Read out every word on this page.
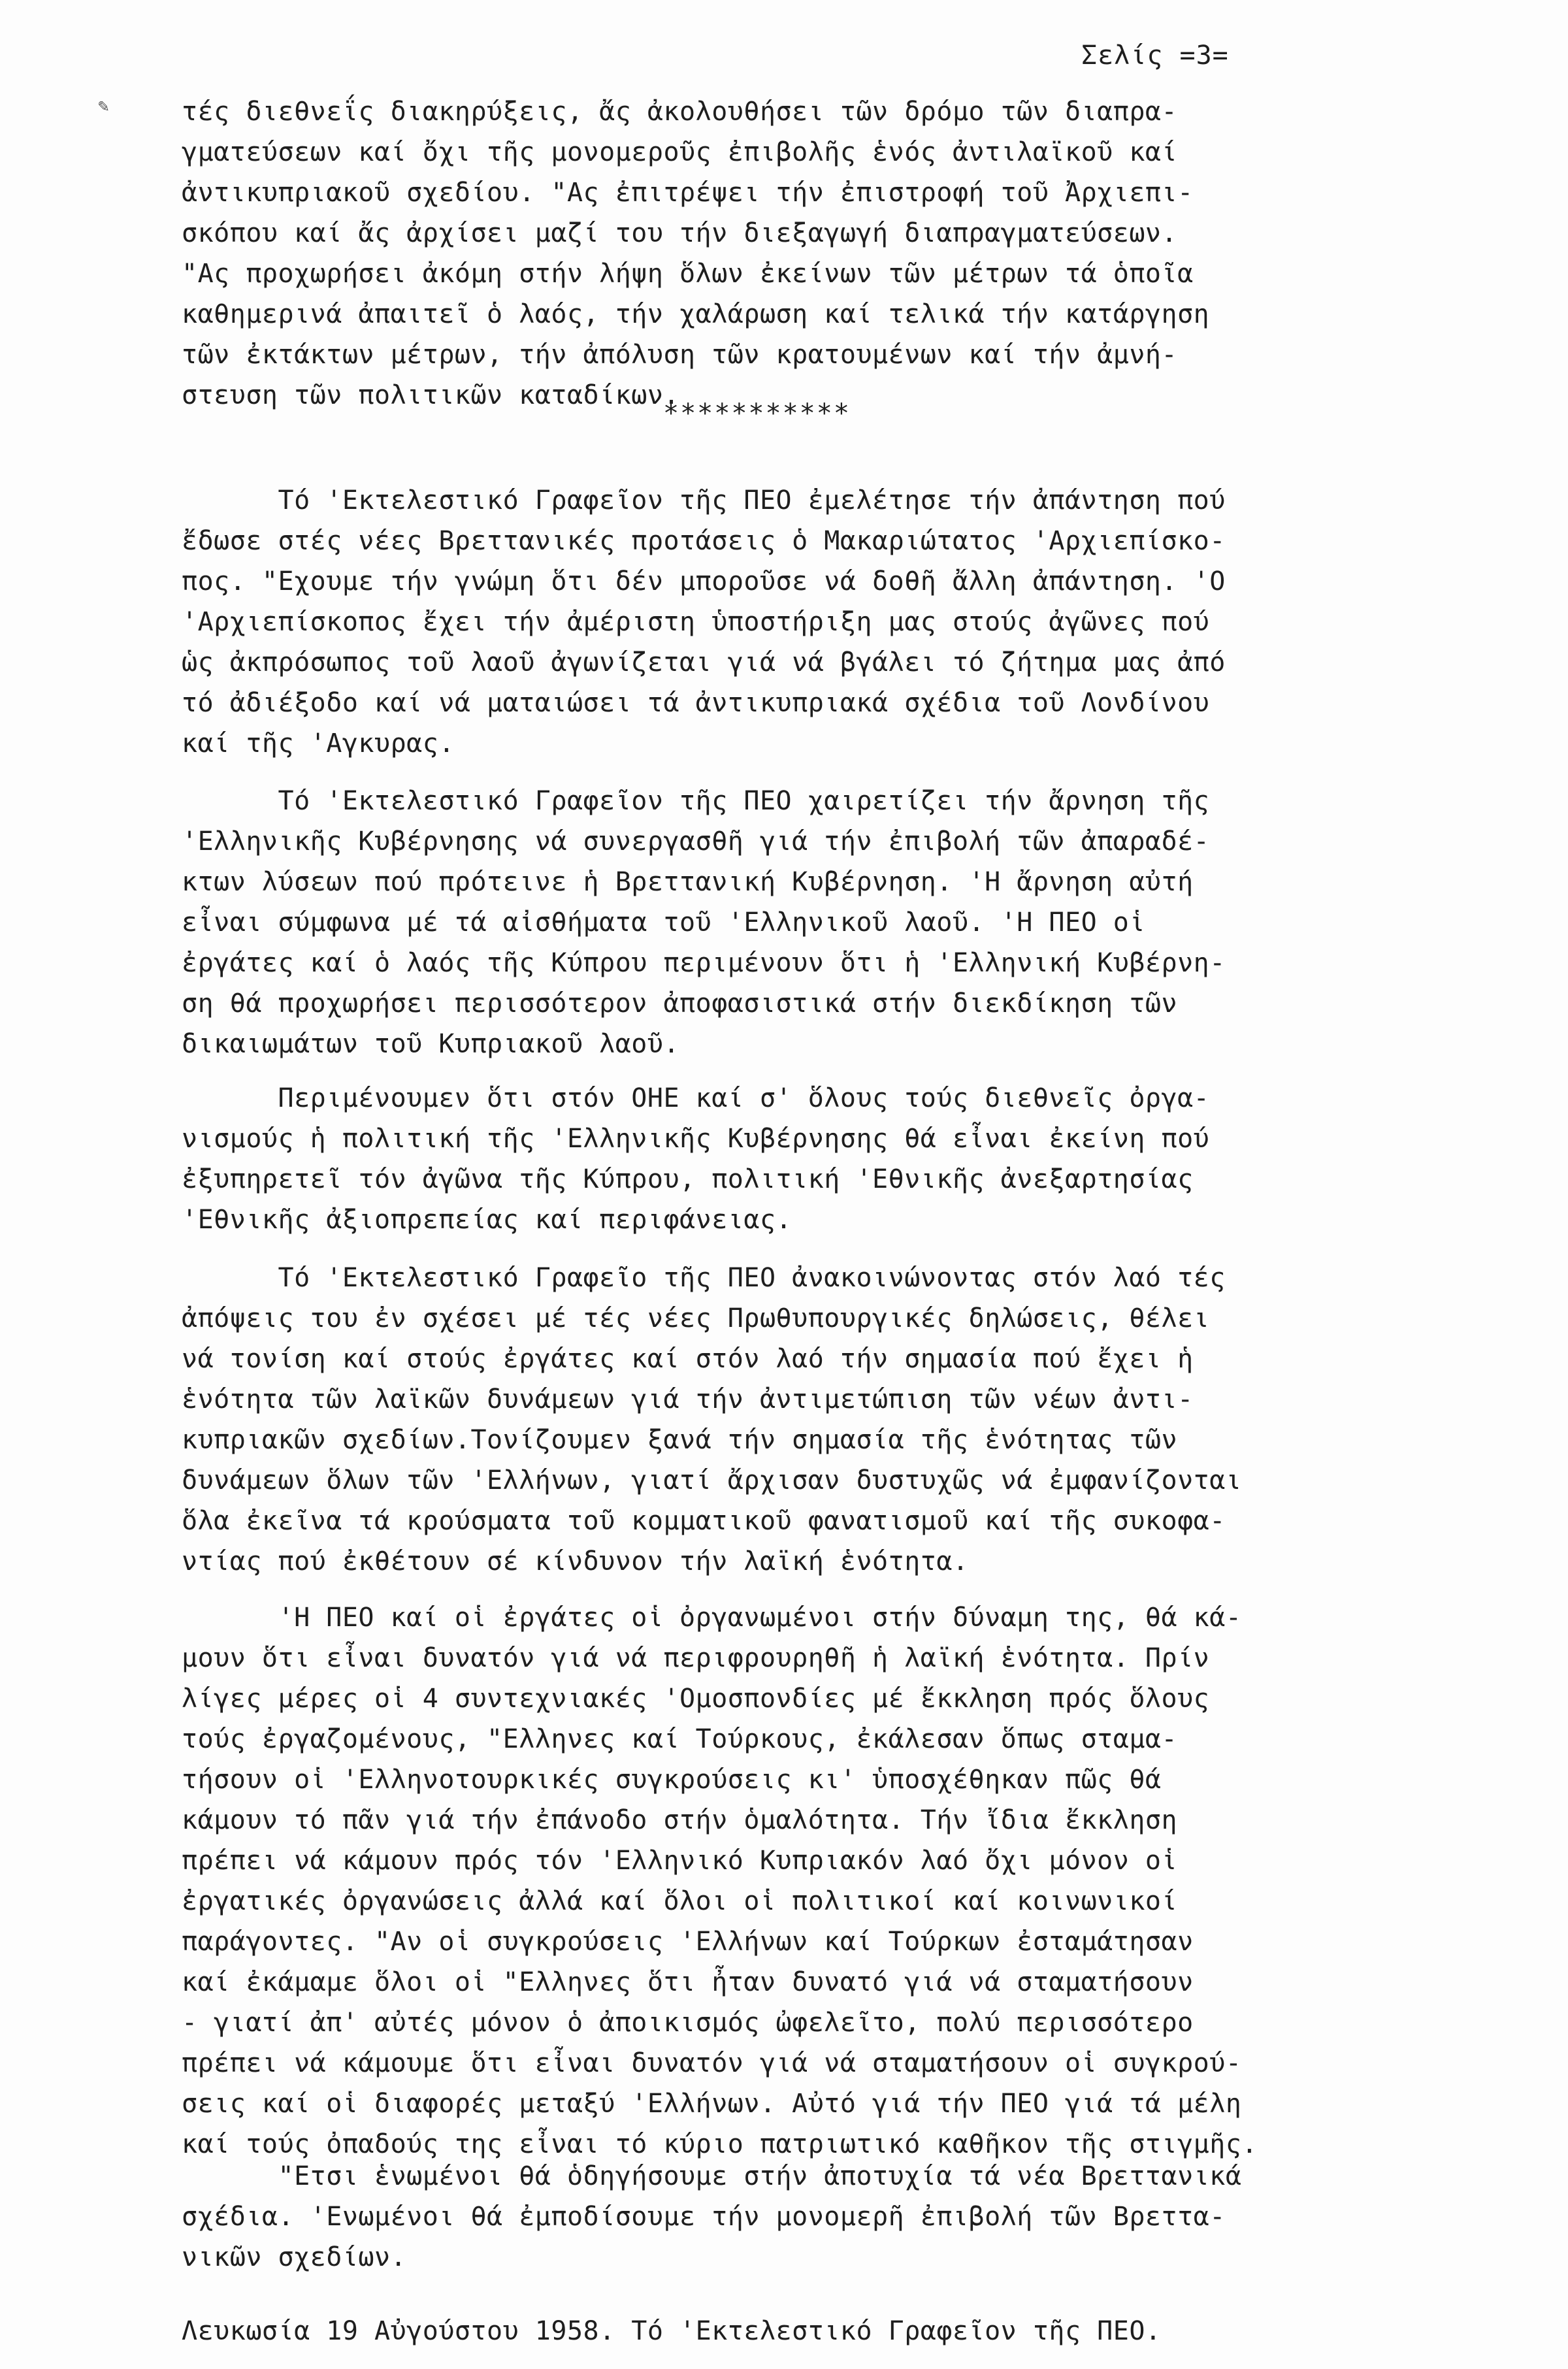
Σελίς =3=
τές διεθνεΐς διακηρύξεις, ἄς ἀκολουθήσει τῶν δρόμο τῶν διαπρα-
γματεύσεων καί ὄχι τῆς μονομεροῦς ἐπιβολῆς ἑνός ἀντιλαϊκοῦ καί
ἀντικυπριακοῦ σχεδίου. "Ας ἐπιτρέψει τήν ἐπιστροφή τοῦ Ἀρχιεπι-
σκόπου καί ἄς ἀρχίσει μαζί του τήν διεξαγωγή διαπραγματεύσεων.
"Ας προχωρήσει ἀκόμη στήν λήψη ὅλων ἐκείνων τῶν μέτρων τά ὁποῖα
καθημερινά ἀπαιτεῖ ὁ λαός, τήν χαλάρωση καί τελικά τήν κατάργηση
τῶν ἐκτάκτων μέτρων, τήν ἀπόλυση τῶν κρατουμένων καί τήν ἀμνή-
στευση τῶν πολιτικῶν καταδίκων.
Τό 'Εκτελεστικό Γραφεῖον τῆς ΠΕΟ ἐμελέτησε τήν ἀπάντηση πού
ἔδωσε στές νέες Βρεττανικές προτάσεις ὁ Μακαριώτατος 'Αρχιεπίσκο-
πος. "Εχουμε τήν γνώμη ὅτι δέν μποροῦσε νά δοθῆ ἄλλη ἀπάντηση. 'Ο
'Αρχιεπίσκοπος ἔχει τήν ἀμέριστη ὑποστήριξη μας στούς ἀγῶνες πού
ὡς ἀκπρόσωπος τοῦ λαοῦ ἀγωνίζεται γιά νά βγάλει τό ζήτημα μας ἀπό
τό ἀδιέξοδο καί νά ματαιώσει τά ἀντικυπριακά σχέδια τοῦ Λονδίνου
καί τῆς 'Αγκυρας.
Τό 'Εκτελεστικό Γραφεῖον τῆς ΠΕΟ χαιρετίζει τήν ἄρνηση τῆς
'Ελληνικῆς Κυβέρνησης νά συνεργασθῆ γιά τήν ἐπιβολή τῶν ἀπαραδέ-
κτων λύσεων πού πρότεινε ἡ Βρεττανική Κυβέρνηση. 'Η ἄρνηση αὐτή
εἶναι σύμφωνα μέ τά αἰσθήματα τοῦ 'Ελληνικοῦ λαοῦ. 'Η ΠΕΟ οἱ
ἐργάτες καί ὁ λαός τῆς Κύπρου περιμένουν ὅτι ἡ 'Ελληνική Κυβέρνη-
ση θά προχωρήσει περισσότερον ἀποφασιστικά στήν διεκδίκηση τῶν
δικαιωμάτων τοῦ Κυπριακοῦ λαοῦ.
Περιμένουμεν ὅτι στόν ΟΗΕ καί σ' ὅλους τούς διεθνεῖς ὀργα-
νισμούς ἡ πολιτική τῆς 'Ελληνικῆς Κυβέρνησης θά εἶναι ἐκείνη πού
ἐξυπηρετεῖ τόν ἀγῶνα τῆς Κύπρου, πολιτική 'Εθνικῆς ἀνεξαρτησίας
'Εθνικῆς ἀξιοπρεπείας καί περιφάνειας.
Τό 'Εκτελεστικό Γραφεῖο τῆς ΠΕΟ ἀνακοινώνοντας στόν λαό τές
ἀπόψεις του ἐν σχέσει μέ τές νέες Πρωθυπουργικές δηλώσεις, θέλει
νά τονίση καί στούς ἐργάτες καί στόν λαό τήν σημασία πού ἔχει ἡ
ἑνότητα τῶν λαϊκῶν δυνάμεων γιά τήν ἀντιμετώπιση τῶν νέων ἀντι-
κυπριακῶν σχεδίων.Τονίζουμεν ξανά τήν σημασία τῆς ἑνότητας τῶν
δυνάμεων ὅλων τῶν 'Ελλήνων, γιατί ἄρχισαν δυστυχῶς νά ἐμφανίζονται
ὅλα ἐκεῖνα τά κρούσματα τοῦ κομματικοῦ φανατισμοῦ καί τῆς συκοφα-
ντίας πού ἐκθέτουν σέ κίνδυνον τήν λαϊκή ἑνότητα.
'Η ΠΕΟ καί οἱ ἐργάτες οἱ ὀργανωμένοι στήν δύναμη της, θά κά-
μουν ὅτι εἶναι δυνατόν γιά νά περιφρουρηθῆ ἡ λαϊκή ἑνότητα. Πρίν
λίγες μέρες οἱ 4 συντεχνιακές 'Ομοσπονδίες μέ ἔκκληση πρός ὅλους
τούς ἐργαζομένους, "Ελληνες καί Τούρκους, ἐκάλεσαν ὅπως σταμα-
τήσουν οἱ 'Ελληνοτουρκικές συγκρούσεις κι' ὑποσχέθηκαν πῶς θά
κάμουν τό πᾶν γιά τήν ἐπάνοδο στήν ὁμαλότητα. Τήν ἴδια ἔκκληση
πρέπει νά κάμουν πρός τόν 'Ελληνικό Κυπριακόν λαό ὄχι μόνον οἱ
ἐργατικές ὀργανώσεις ἀλλά καί ὅλοι οἱ πολιτικοί καί κοινωνικοί
παράγοντες. "Αν οἱ συγκρούσεις 'Ελλήνων καί Τούρκων ἐσταμάτησαν
καί ἐκάμαμε ὅλοι οἱ "Ελληνες ὅτι ἦταν δυνατό γιά νά σταματήσουν
- γιατί ἀπ' αὐτές μόνον ὁ ἀποικισμός ὠφελεῖτο, πολύ περισσότερο
πρέπει νά κάμουμε ὅτι εἶναι δυνατόν γιά νά σταματήσουν οἱ συγκρού-
σεις καί οἱ διαφορές μεταξύ 'Ελλήνων. Αὐτό γιά τήν ΠΕΟ γιά τά μέλη
καί τούς ὀπαδούς της εἶναι τό κύριο πατριωτικό καθῆκον τῆς στιγμῆς.
"Ετσι ἑνωμένοι θά ὁδηγήσουμε στήν ἀποτυχία τά νέα Βρεττανικά
σχέδια. 'Ενωμένοι θά ἐμποδίσουμε τήν μονομερῆ ἐπιβολή τῶν Βρεττα-
νικῶν σχεδίων.
***********
Λευκωσία 19 Αὐγούστου 1958. Τό 'Εκτελεστικό Γραφεῖον τῆς ΠΕΟ.
✎
